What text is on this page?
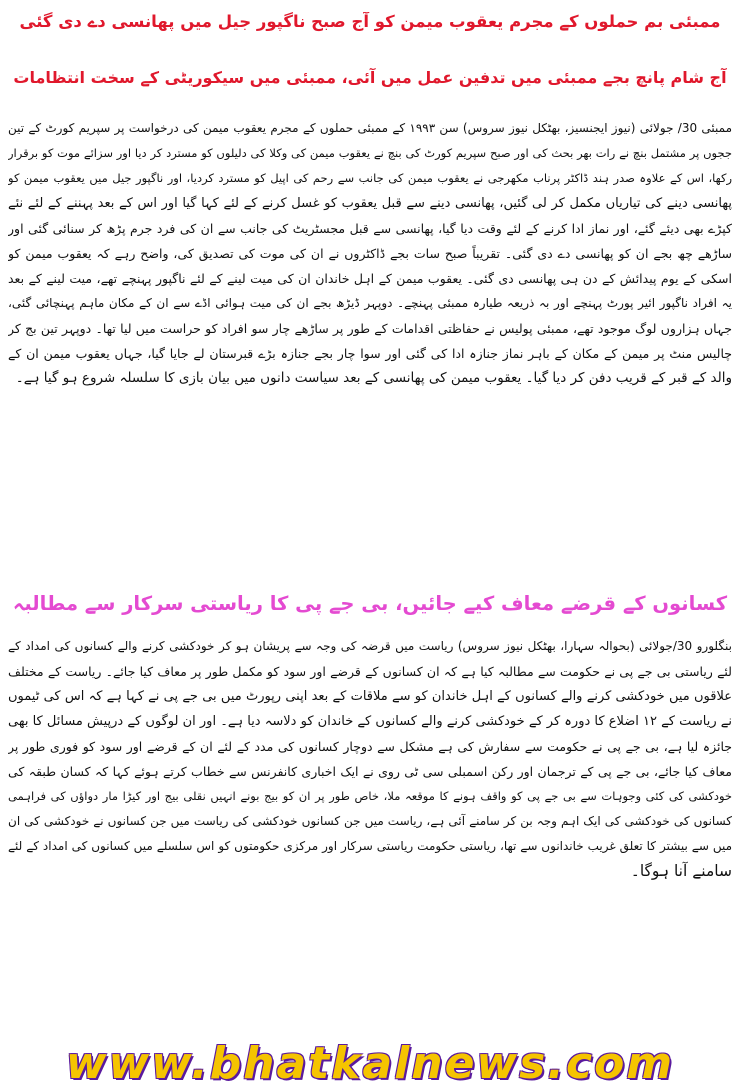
ممبئی بم حملوں کے مجرم یعقوب میمن کو آج صبح ناگپور جیل میں پھانسی دے دی گئی
آج شام پانچ بجے ممبئی میں تدفین عمل میں آئی، ممبئی میں سیکوریٹی کے سخت انتظامات
ممبئی 30/ جولائی (نیوز ایجنسیز، بھٹکل نیوز سروس) سن ۱۹۹۳ کے ممبئی حملوں کے مجرم یعقوب میمن کی درخواست پر سپریم کورٹ کے تین
ججوں پر مشتمل بنچ نے رات بھر بحث کی اور صبح سپریم کورٹ کی بنچ نے یعقوب میمن کی وکلا کی دلیلوں کو مسترد کر دیا اور سزائے موت کو برقرار
رکھا، اس کے علاوہ صدر ہند ڈاکٹر پرناب مکھرجی نے یعقوب میمن کی جانب سے رحم کی اپیل کو مسترد کردیا، اور ناگپور جیل میں یعقوب میمن کو
پھانسی دینے کی تیاریاں مکمل کر لی گئیں، پھانسی دینے سے قبل یعقوب کو غسل کرنے کے لئے کہا گیا اور اس کے بعد پہننے کے لئے نئے
کپڑے بھی دیئے گئے، اور نماز ادا کرنے کے لئے وقت دیا گیا، پھانسی سے قبل مجسٹریٹ کی جانب سے ان کی فرد جرم پڑھ کر سنائی گئی اور
ساڑھے چھ بجے ان کو پھانسی دے دی گئی۔ تقریباً صبح سات بجے ڈاکٹروں نے ان کی موت کی تصدیق کی، واضح رہے کہ یعقوب میمن کو
اسکی کے یوم پیدائش کے دن ہی پھانسی دی گئی۔ یعقوب میمن کے اہل خاندان ان کی میت لینے کے لئے ناگپور پہنچے تھے، میت لینے کے بعد
یہ افراد ناگپور ائیر پورٹ پہنچے اور بہ ذریعہ طیارہ ممبئی پہنچے۔ دوپہر ڈیڑھ بجے ان کی میت ہوائی اڈے سے ان کے مکان ماہم پہنچائی گئی،
جہاں ہزاروں لوگ موجود تھے، ممبئی پولیس نے حفاظتی اقدامات کے طور پر ساڑھے چار سو افراد کو حراست میں لیا تھا۔ دوپہر تین بج کر
چالیس منٹ پر میمن کے مکان کے باہر نماز جنازہ ادا کی گئی اور سوا چار بجے جنازہ بڑے قبرستان لے جایا گیا، جہاں یعقوب میمن ان کے
والد کے قبر کے قریب دفن کر دیا گیا۔ یعقوب میمن کی پھانسی کے بعد سیاست دانوں میں بیان بازی کا سلسلہ شروع ہو گیا ہے۔
کسانوں کے قرضے معاف کیے جائیں، بی جے پی کا ریاستی سرکار سے مطالبہ
بنگلورو 30/جولائی (بحوالہ سہارا، بھٹکل نیوز سروس) ریاست میں قرضہ کی وجہ سے پریشان ہو کر خودکشی کرنے والے کسانوں کی امداد کے
لئے ریاستی بی جے پی نے حکومت سے مطالبہ کیا ہے کہ ان کسانوں کے قرضے اور سود کو مکمل طور پر معاف کیا جائے۔ ریاست کے مختلف
علاقوں میں خودکشی کرنے والے کسانوں کے اہل خاندان کو سے ملاقات کے بعد اپنی رپورٹ میں بی جے پی نے کہا ہے کہ اس کی ٹیموں
نے ریاست کے ۱۲ اضلاع کا دورہ کر کے خودکشی کرنے والے کسانوں کے خاندان کو دلاسہ دیا ہے۔ اور ان لوگوں کے درپیش مسائل کا بھی
جائزہ لیا ہے، بی جے پی نے حکومت سے سفارش کی ہے مشکل سے دوچار کسانوں کی مدد کے لئے ان کے قرضے اور سود کو فوری طور پر
معاف کیا جائے، بی جے پی کے ترجمان اور رکن اسمبلی سی ٹی روی نے ایک اخباری کانفرنس سے خطاب کرتے ہوئے کہا کہ کسان طبقہ کی
خودکشی کی کئی وجوہات سے بی جے پی کو واقف ہونے کا موقعہ ملا، خاص طور پر ان کو بیج بونے انہیں نقلی بیج اور کیڑا مار دواؤں کی فراہمی
کسانوں کی خودکشی کی ایک اہم وجہ بن کر سامنے آئی ہے، ریاست میں جن کسانوں خودکشی کی ریاست میں جن کسانوں نے خودکشی کی ان
میں سے بیشتر کا تعلق غریب خاندانوں سے تھا، ریاستی حکومت ریاستی سرکار اور مرکزی حکومتوں کو اس سلسلے میں کسانوں کی امداد کے لئے
سامنے آنا ہوگا۔
www.bhatkalnews.com
